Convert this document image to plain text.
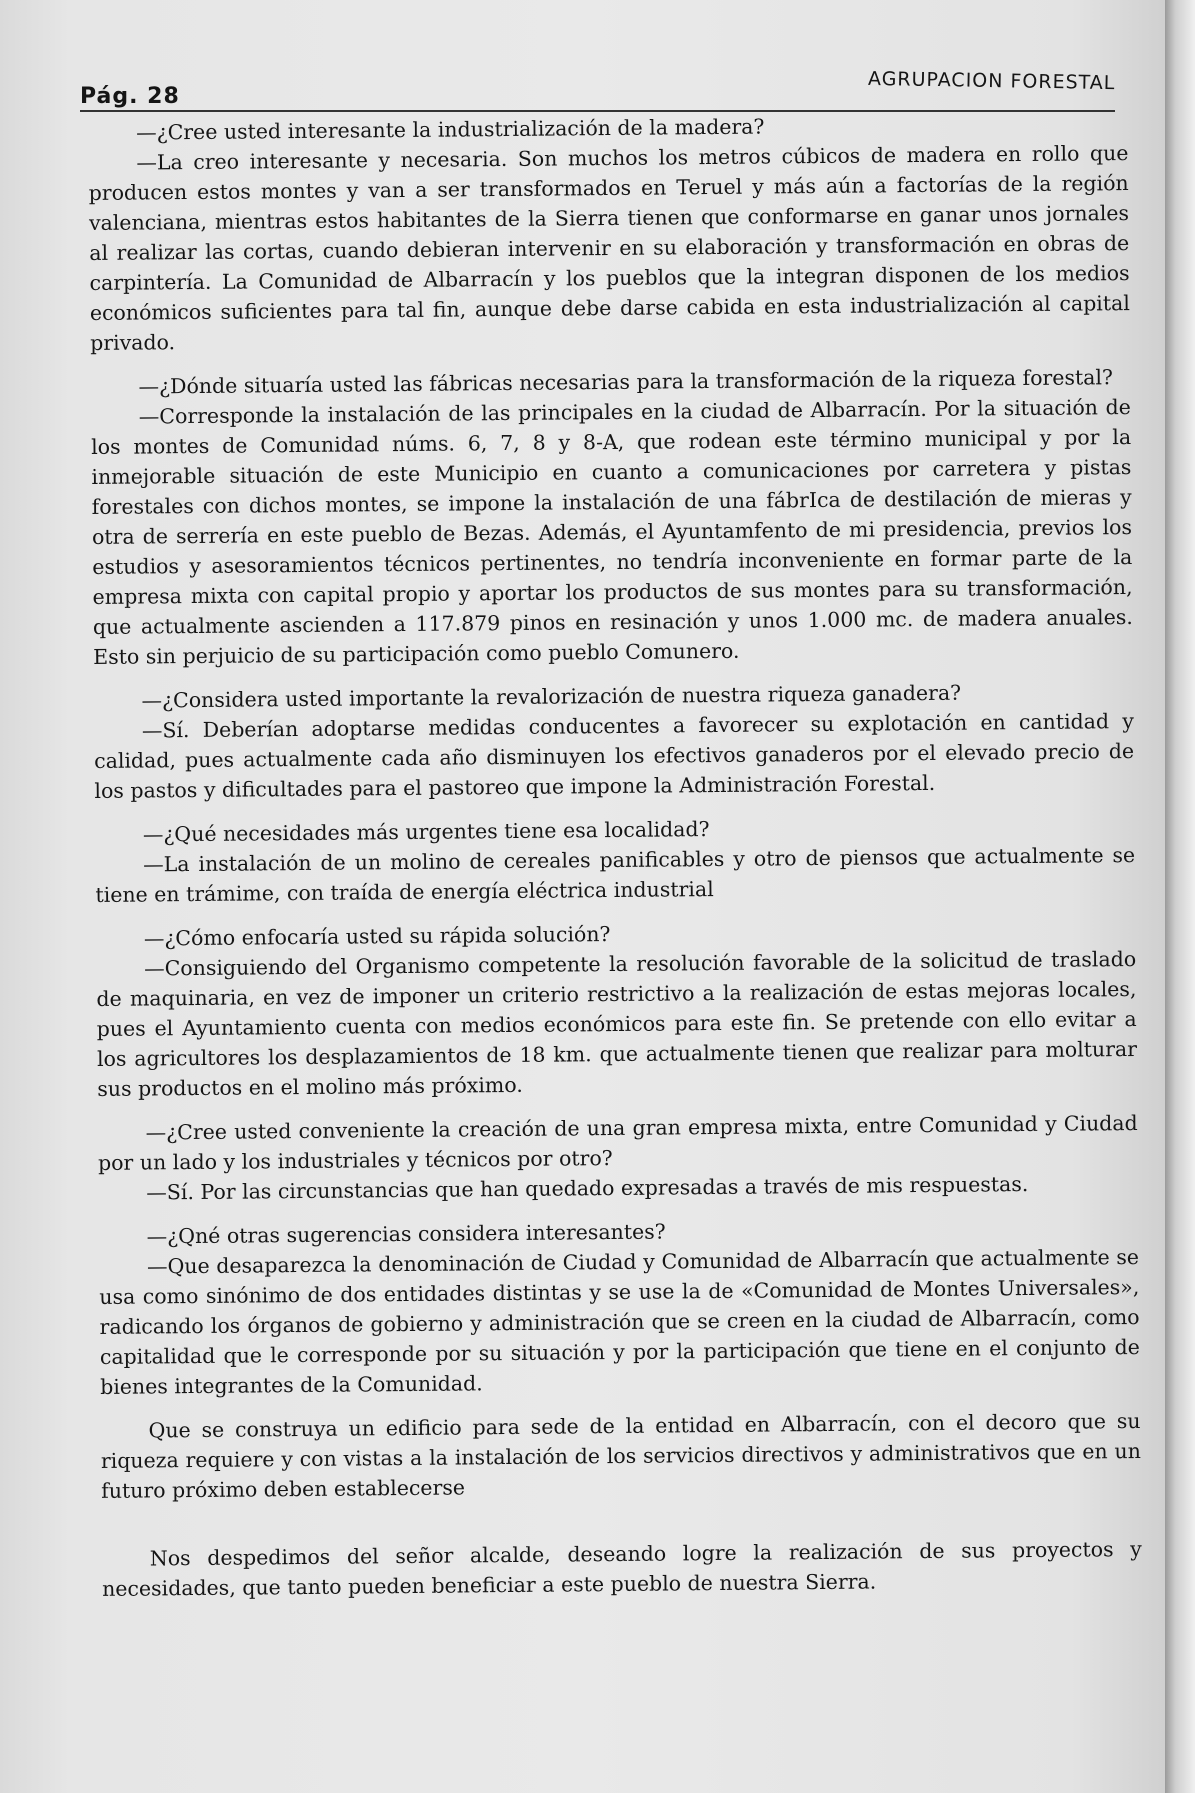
Pág. 28
AGRUPACION FORESTAL

—¿Cree usted interesante la industrialización de la madera?

—La creo interesante y necesaria. Son muchos los metros cúbicos de madera en rollo que producen estos montes y van a ser transformados en Teruel y más aún a factorías de la región valenciana, mientras estos habitantes de la Sierra tienen que conformarse en ganar unos jornales al realizar las cortas, cuando debieran intervenir en su elaboración y transformación en obras de carpintería. La Comunidad de Albarracín y los pueblos que la integran disponen de los medios económicos suficientes para tal fin, aunque debe darse cabida en esta industrialización al capital privado.

—¿Dónde situaría usted las fábricas necesarias para la transformación de la riqueza forestal?

—Corresponde la instalación de las principales en la ciudad de Albarracín. Por la situación de los montes de Comunidad núms. 6, 7, 8 y 8-A, que rodean este término municipal y por la inmejorable situación de este Municipio en cuanto a comunicaciones por carretera y pistas forestales con dichos montes, se impone la instalación de una fábrIca de destilación de mieras y otra de serrería en este pueblo de Bezas. Además, el Ayuntamfento de mi presidencia, previos los estudios y asesoramientos técnicos pertinentes, no tendría inconveniente en formar parte de la empresa mixta con capital propio y aportar los productos de sus montes para su transformación, que actualmente ascienden a 117.879 pinos en resinación y unos 1.000 mc. de madera anuales. Esto sin perjuicio de su participación como pueblo Comunero.

—¿Considera usted importante la revalorización de nuestra riqueza ganadera?

—Sí. Deberían adoptarse medidas conducentes a favorecer su explotación en cantidad y calidad, pues actualmente cada año disminuyen los efectivos ganaderos por el elevado precio de los pastos y dificultades para el pastoreo que impone la Administración Forestal.

—¿Qué necesidades más urgentes tiene esa localidad?

—La instalación de un molino de cereales panificables y otro de piensos que actualmente se tiene en trámime, con traída de energía eléctrica industrial

—¿Cómo enfocaría usted su rápida solución?

—Consiguiendo del Organismo competente la resolución favorable de la solicitud de traslado de maquinaria, en vez de imponer un criterio restrictivo a la realización de estas mejoras locales, pues el Ayuntamiento cuenta con medios económicos para este fin. Se pretende con ello evitar a los agricultores los desplazamientos de 18 km. que actualmente tienen que realizar para molturar sus productos en el molino más próximo.

—¿Cree usted conveniente la creación de una gran empresa mixta, entre Comunidad y Ciudad por un lado y los industriales y técnicos por otro?

—Sí. Por las circunstancias que han quedado expresadas a través de mis respuestas.

—¿Qné otras sugerencias considera interesantes?

—Que desaparezca la denominación de Ciudad y Comunidad de Albarracín que actualmente se usa como sinónimo de dos entidades distintas y se use la de «Comunidad de Montes Universales», radicando los órganos de gobierno y administración que se creen en la ciudad de Albarracín, como capitalidad que le corresponde por su situación y por la participación que tiene en el conjunto de bienes integrantes de la Comunidad.

Que se construya un edificio para sede de la entidad en Albarracín, con el decoro que su riqueza requiere y con vistas a la instalación de los servicios directivos y administrativos que en un futuro próximo deben establecerse

Nos despedimos del señor alcalde, deseando logre la realización de sus proyectos y necesidades, que tanto pueden beneficiar a este pueblo de nuestra Sierra.
